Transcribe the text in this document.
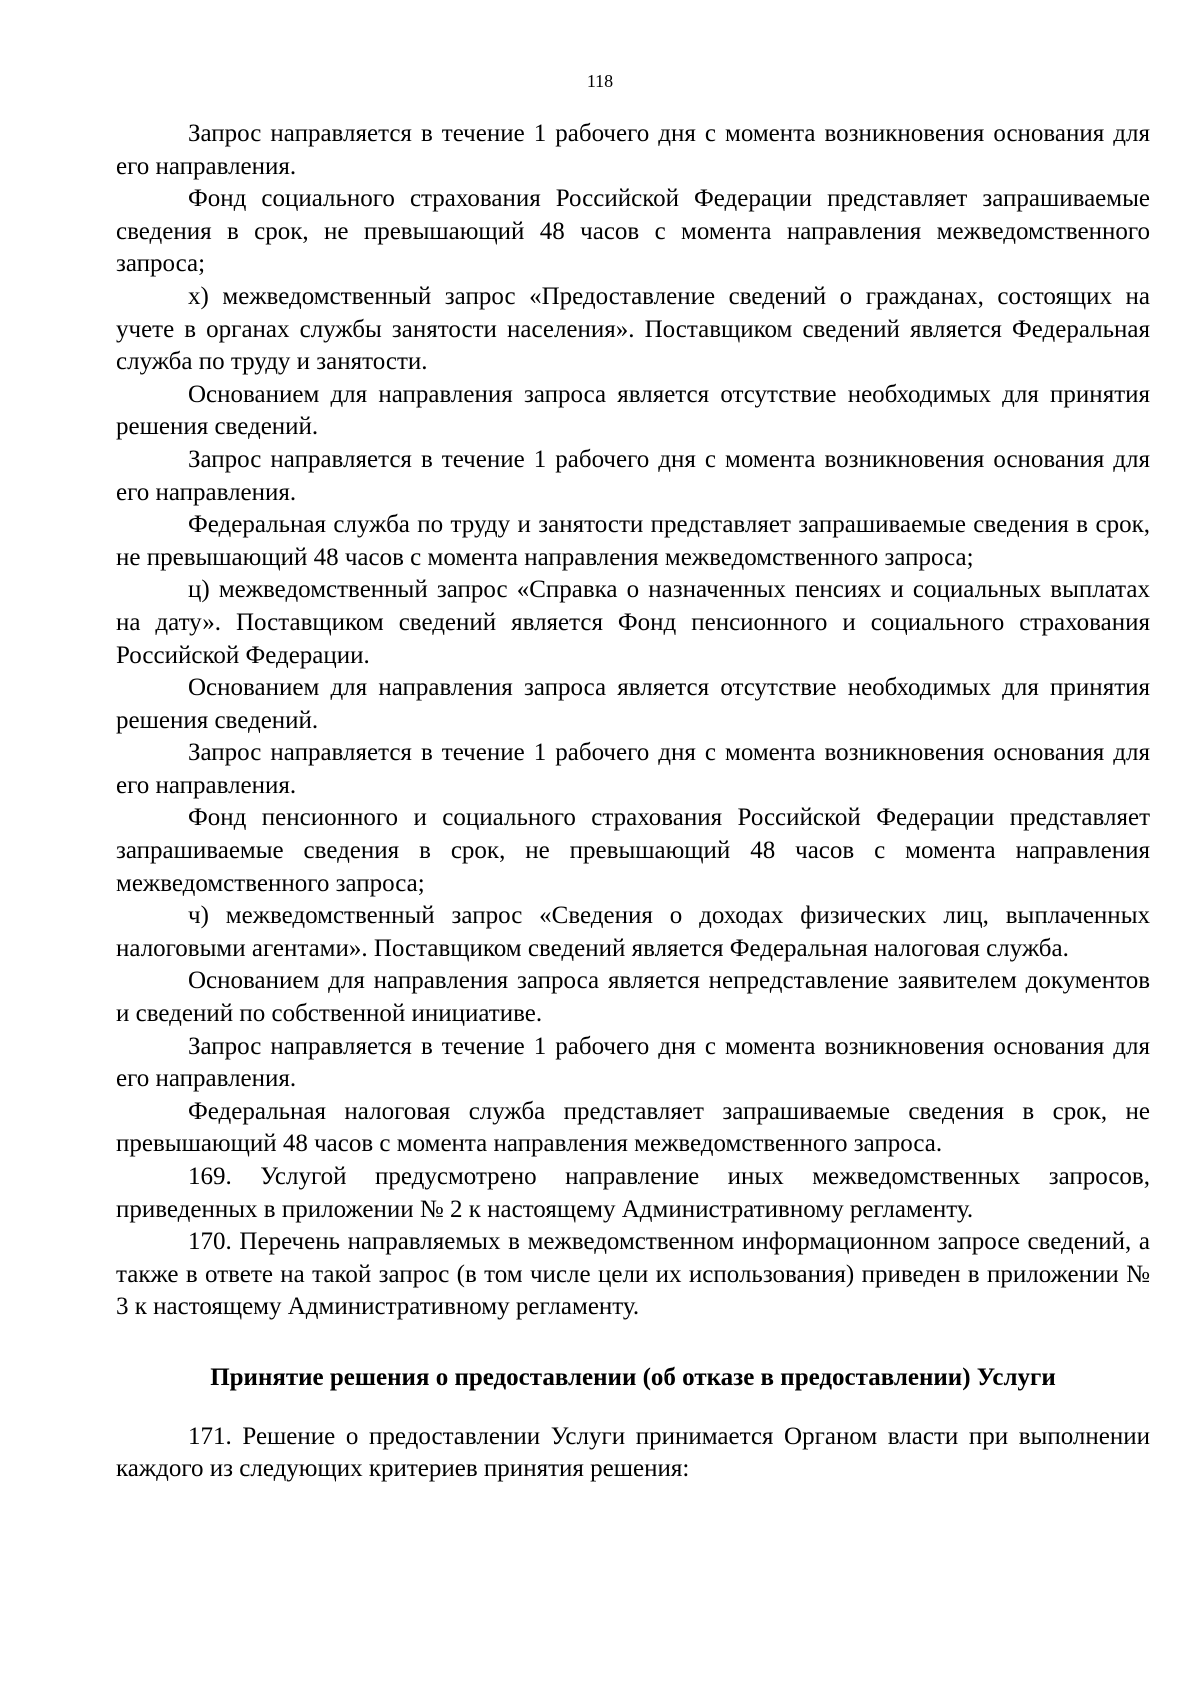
118

Запрос направляется в течение 1 рабочего дня с момента возникновения основания для его направления.

Фонд социального страхования Российской Федерации представляет запрашиваемые сведения в срок, не превышающий 48 часов с момента направления межведомственного запроса;

х) межведомственный запрос «Предоставление сведений о гражданах, состоящих на учете в органах службы занятости населения». Поставщиком сведений является Федеральная служба по труду и занятости.

Основанием для направления запроса является отсутствие необходимых для принятия решения сведений.

Запрос направляется в течение 1 рабочего дня с момента возникновения основания для его направления.

Федеральная служба по труду и занятости представляет запрашиваемые сведения в срок, не превышающий 48 часов с момента направления межведомственного запроса;

ц) межведомственный запрос «Справка о назначенных пенсиях и социальных выплатах на дату». Поставщиком сведений является Фонд пенсионного и социального страхования Российской Федерации.

Основанием для направления запроса является отсутствие необходимых для принятия решения сведений.

Запрос направляется в течение 1 рабочего дня с момента возникновения основания для его направления.

Фонд пенсионного и социального страхования Российской Федерации представляет запрашиваемые сведения в срок, не превышающий 48 часов с момента направления межведомственного запроса;

ч) межведомственный запрос «Сведения о доходах физических лиц, выплаченных налоговыми агентами». Поставщиком сведений является Федеральная налоговая служба.

Основанием для направления запроса является непредставление заявителем документов и сведений по собственной инициативе.

Запрос направляется в течение 1 рабочего дня с момента возникновения основания для его направления.

Федеральная налоговая служба представляет запрашиваемые сведения в срок, не превышающий 48 часов с момента направления межведомственного запроса.

169. Услугой предусмотрено направление иных межведомственных запросов, приведенных в приложении № 2 к настоящему Административному регламенту.

170. Перечень направляемых в межведомственном информационном запросе сведений, а также в ответе на такой запрос (в том числе цели их использования) приведен в приложении № 3 к настоящему Административному регламенту.

Принятие решения о предоставлении (об отказе в предоставлении) Услуги

171. Решение о предоставлении Услуги принимается Органом власти при выполнении каждого из следующих критериев принятия решения:
